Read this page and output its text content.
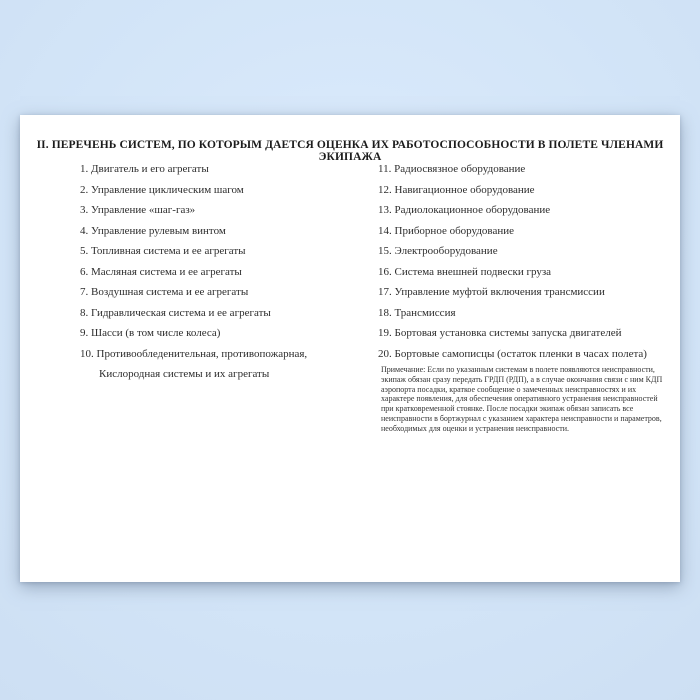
II. ПЕРЕЧЕНЬ СИСТЕМ, ПО КОТОРЫМ ДАЕТСЯ ОЦЕНКА ИХ РАБОТОСПОСОБНОСТИ В ПОЛЕТЕ ЧЛЕНАМИ ЭКИПАЖА
1. Двигатель и его агрегаты
2. Управление циклическим шагом
3. Управление «шаг-газ»
4. Управление рулевым винтом
5. Топливная система и ее агрегаты
6. Масляная система и ее агрегаты
7. Воздушная система и ее агрегаты
8. Гидравлическая система и ее агрегаты
9. Шасси (в том числе колеса)
10. Противообледенительная, противопожарная,
Кислородная системы и их агрегаты
11. Радиосвязное оборудование
12. Навигационное оборудование
13. Радиолокационное оборудование
14. Приборное оборудование
15. Электрооборудование
16. Система внешней подвески груза
17. Управление муфтой включения трансмиссии
18. Трансмиссия
19. Бортовая установка системы запуска двигателей
20. Бортовые самописцы (остаток пленки в часах полета)

Примечание: Если по указанным системам в полете появляются неисправности, экипаж обязан сразу передать ГРДП (РДП), а в случае окончания связи с ним КДП аэропорта посадки, краткое сообщение о замеченных неисправностях и их характере появления, для обеспечения оперативного устранения неисправностей при кратковременной стоянке. После посадки экипаж обязан записать все неисправности в бортжурнал с указанием характера неисправности и параметров, необходимых для оценки и устранения неисправности.
